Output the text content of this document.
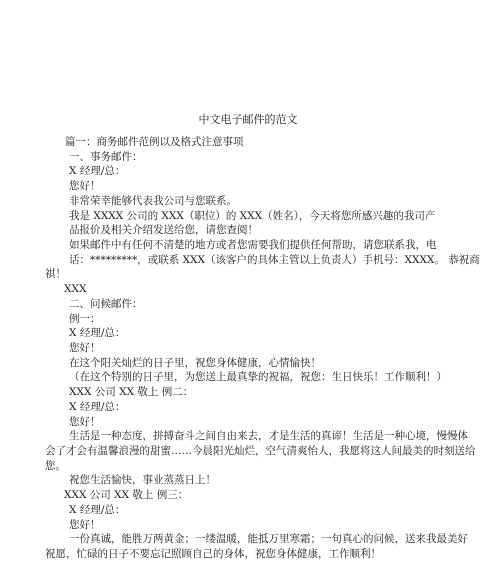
中文电子邮件的范文
篇一：商务邮件范例以及格式注意事项
一、事务邮件：
X 经理/总：
您好！
非常荣幸能够代表我公司与您联系。
我是 XXXX 公司的 XXX（职位）的 XXX（姓名），今天将您所感兴趣的我司产
品报价及相关介绍发送给您，请您查阅！
如果邮件中有任何不清楚的地方或者您需要我们提供任何帮助，请您联系我，电
话：*********，或联系 XXX（该客户的具体主管以上负责人）手机号：XXXX。 恭祝商
祺！
XXX
二、问候邮件：
例一：
X 经理/总：
您好！
在这个阳关灿烂的日子里，祝您身体健康，心情愉快！
（在这个特别的日子里，为您送上最真挚的祝福，祝您：生日快乐！工作顺利！）
XXX 公司 XX 敬上 例二：
X 经理/总：
您好！
生活是一种态度，拼搏奋斗之间自由来去，才是生活的真谛！生活是一种心境，慢慢体
会了才会有温馨浪漫的甜蜜……今晨阳光灿烂，空气清爽怡人，我愿将这人间最美的时刻送给
您。
祝您生活愉快，事业蒸蒸日上！
XXX 公司 XX 敬上 例三：
X 经理/总：
您好！
一份真诚，能胜万两黄金；一缕温暖，能抵万里寒霜；一句真心的问候，送来我最美好
祝愿，忙碌的日子不要忘记照顾自己的身体，祝您身体健康，工作顺利！
